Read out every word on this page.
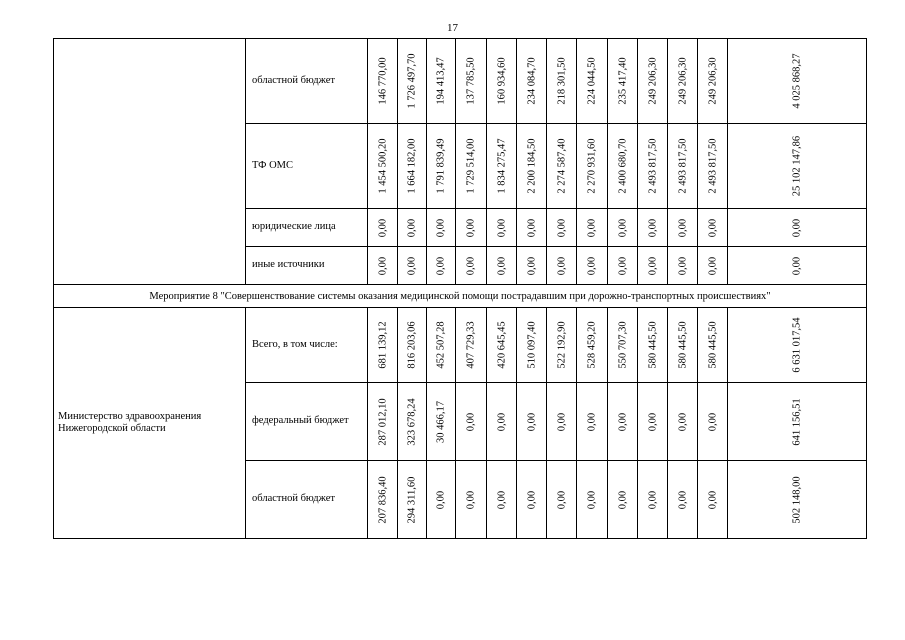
17
	областной бюджет	146 770,00	1 726 497,70	194 413,47	137 785,50	160 934,60	234 084,70	218 301,50	224 044,50	235 417,40	249 206,30	249 206,30	249 206,30	4 025 868,27

	ТФ ОМС	1 454 500,20	1 664 182,00	1 791 839,49	1 729 514,00	1 834 275,47	2 200 184,50	2 274 587,40	2 270 931,60	2 400 680,70	2 493 817,50	2 493 817,50	2 493 817,50	25 102 147,86

	юридические лица	0,00	0,00	0,00	0,00	0,00	0,00	0,00	0,00	0,00	0,00	0,00	0,00	0,00

	иные источники	0,00	0,00	0,00	0,00	0,00	0,00	0,00	0,00	0,00	0,00	0,00	0,00	0,00

Мероприятие 8 "Совершенствование системы оказания медицинской помощи пострадавшим при дорожно-транспортных происшествиях"														
Министерство здравоохранения Нижегородской области	Всего, в том числе:	681 139,12	816 203,06	452 507,28	407 729,33	420 645,45	510 097,40	522 192,90	528 459,20	550 707,30	580 445,50	580 445,50	580 445,50	6 631 017,54

	федеральный бюджет	287 012,10	323 678,24	30 466,17	0,00	0,00	0,00	0,00	0,00	0,00	0,00	0,00	0,00	641 156,51

	областной бюджет	207 836,40	294 311,60	0,00	0,00	0,00	0,00	0,00	0,00	0,00	0,00	0,00	0,00	502 148,00
